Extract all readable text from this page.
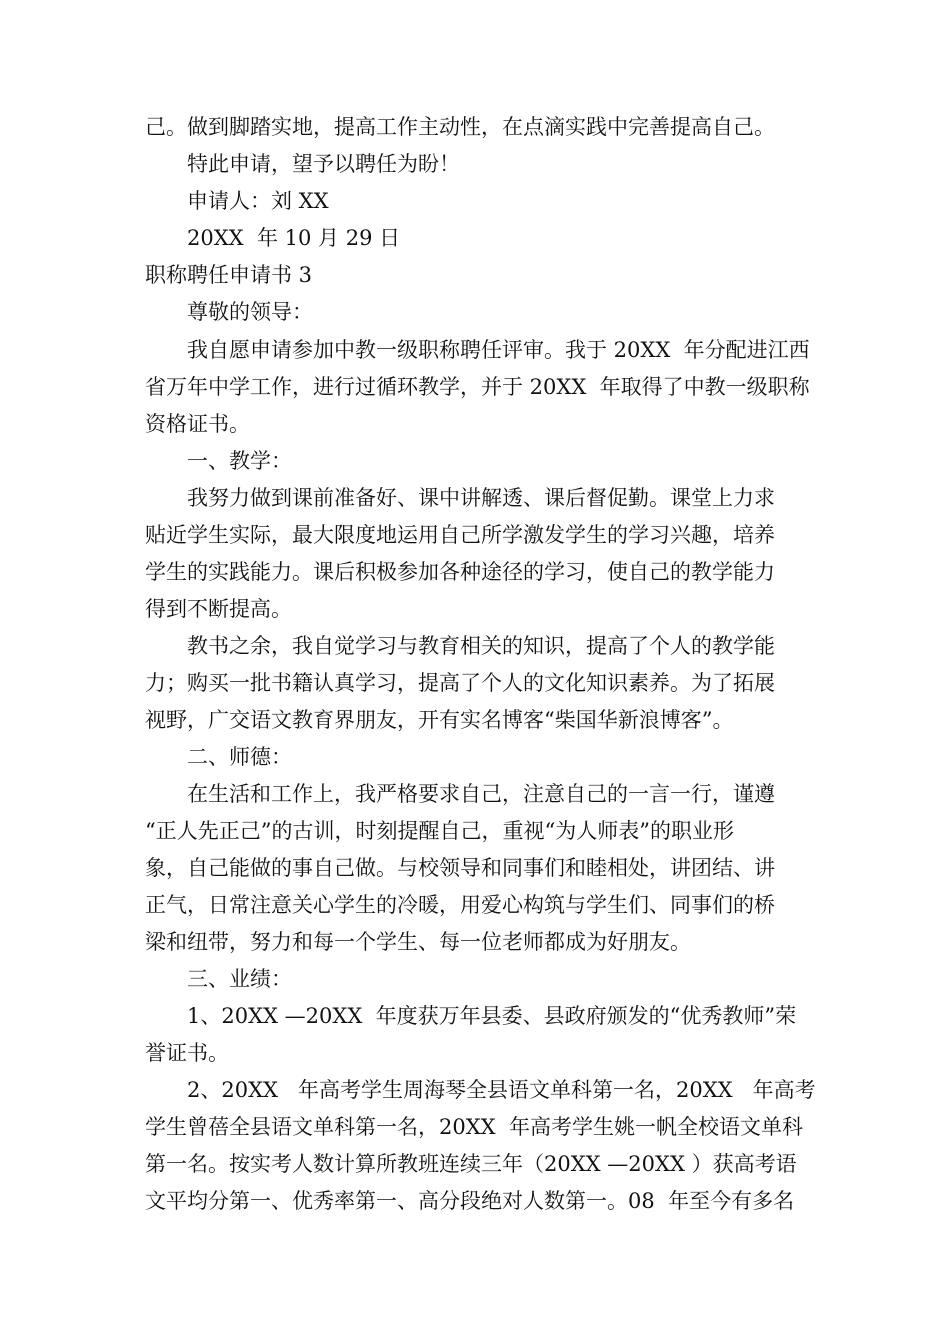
己。做到脚踏实地，提高工作主动性，在点滴实践中完善提高自己。
特此申请，望予以聘任为盼！
申请人：刘 XX
20XX  年 10 月 29 日
职称聘任申请书 3
尊敬的领导：
我自愿申请参加中教一级职称聘任评审。我于 20XX  年分配进江西
省万年中学工作，进行过循环教学，并于 20XX  年取得了中教一级职称
资格证书。
一、教学：
我努力做到课前准备好、课中讲解透、课后督促勤。课堂上力求
贴近学生实际，最大限度地运用自己所学激发学生的学习兴趣，培养
学生的实践能力。课后积极参加各种途径的学习，使自己的教学能力
得到不断提高。
教书之余，我自觉学习与教育相关的知识，提高了个人的教学能
力；购买一批书籍认真学习，提高了个人的文化知识素养。为了拓展
视野，广交语文教育界朋友，开有实名博客“柴国华新浪博客”。
二、师德：
在生活和工作上，我严格要求自己，注意自己的一言一行，谨遵
“正人先正己”的古训，时刻提醒自己，重视“为人师表”的职业形
象，自己能做的事自己做。与校领导和同事们和睦相处，讲团结、讲
正气，日常注意关心学生的冷暖，用爱心构筑与学生们、同事们的桥
梁和纽带，努力和每一个学生、每一位老师都成为好朋友。
三、业绩：
1、20XX —20XX  年度获万年县委、县政府颁发的“优秀教师”荣
誉证书。
2、20XX   年高考学生周海琴全县语文单科第一名，20XX   年高考
学生曾蓓全县语文单科第一名，20XX  年高考学生姚一帆全校语文单科
第一名。按实考人数计算所教班连续三年（20XX —20XX ）获高考语
文平均分第一、优秀率第一、高分段绝对人数第一。08  年至今有多名
